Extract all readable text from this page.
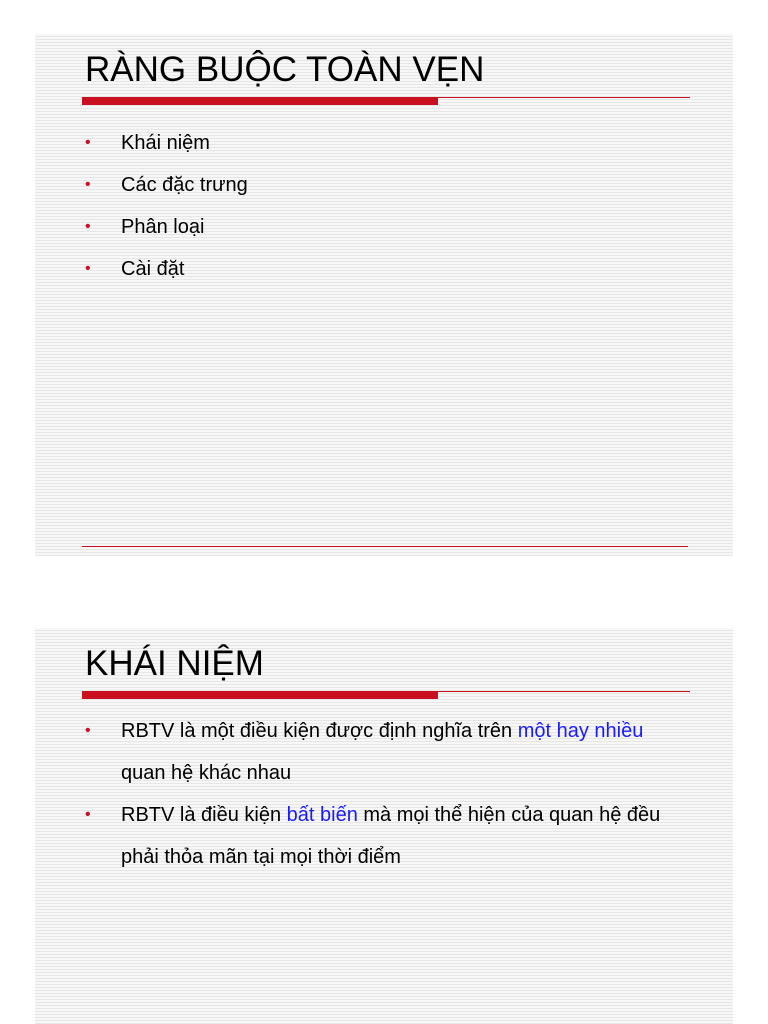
RÀNG BUỘC TOÀN VẸN
• Khái niệm
• Các đặc trưng
• Phân loại
• Cài đặt
KHÁI NIỆM
• RBTV là một điều kiện được định nghĩa trên một hay nhiều quan hệ khác nhau
• RBTV là điều kiện bất biến mà mọi thể hiện của quan hệ đều phải thỏa mãn tại mọi thời điểm
